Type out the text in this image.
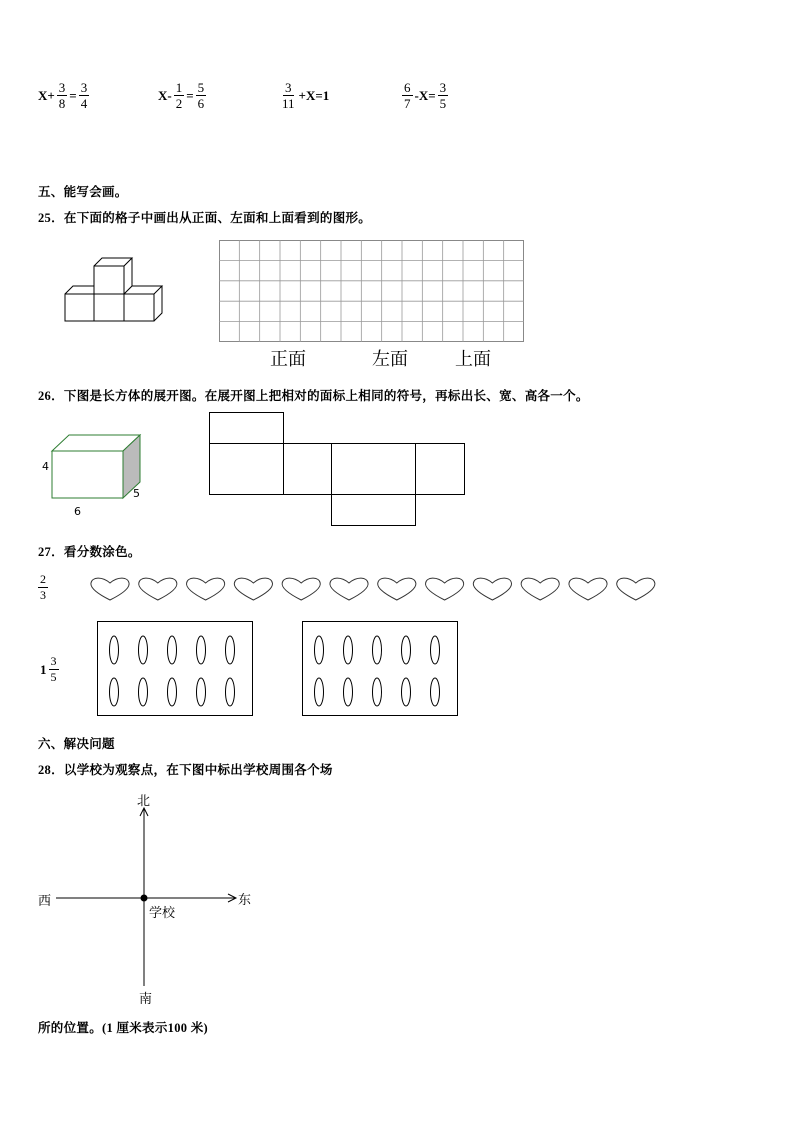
$X+ \frac{3}{8} = \frac{3}{4}$	$X- \frac{1}{2} = \frac{5}{6}$	$\frac{3}{11} +X=1$	$\frac{6}{7} -X= \frac{3}{5}$
五、能写会画。
25．在下面的格子中画出从正面、左面和上面看到的图形。
正面	左面	上面
26．下图是长方体的展开图。在展开图上把相对的面标上相同的符号，再标出长、宽、高各一个。
4
5
6
27．看分数涂色。
$\frac{2}{3}$
$1 \frac{3}{5}$
六、解决问题
28．以学校为观察点，在下图中标出学校周围各个场
北
南
西	东
学校
所的位置。(1 厘米表示100 米)
